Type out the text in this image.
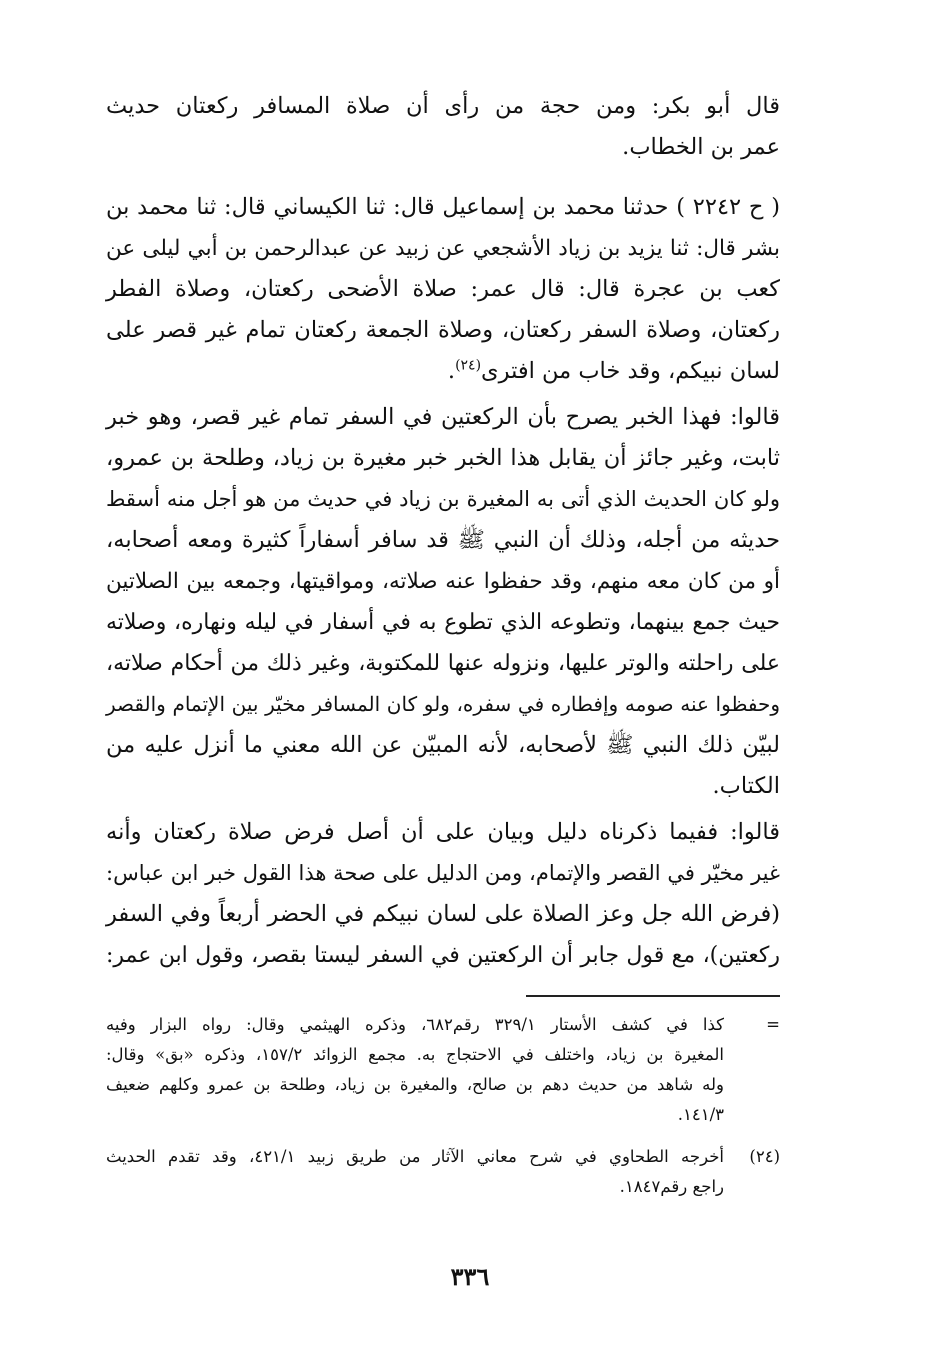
قال أبو بكر: ومن حجة من رأى أن صلاة المسافر ركعتان حديث
عمر بن الخطاب.
( ح ٢٢٤٢ ) حدثنا محمد بن إسماعيل قال: ثنا الكيساني قال: ثنا محمد بن
بشر قال: ثنا يزيد بن زياد الأشجعي عن زبيد عن عبدالرحمن بن أبي ليلى عن
كعب بن عجرة قال: قال عمر: صلاة الأضحى ركعتان، وصلاة الفطر
ركعتان، وصلاة السفر ركعتان، وصلاة الجمعة ركعتان تمام غير قصر على
لسان نبيكم، وقد خاب من افترى$^{(٢٤)}$.
قالوا: فهذا الخبر يصرح بأن الركعتين في السفر تمام غير قصر، وهو خبر
ثابت، وغير جائز أن يقابل هذا الخبر خبر مغيرة بن زياد، وطلحة بن عمرو،
ولو كان الحديث الذي أتى به المغيرة بن زياد في حديث من هو أجل منه أسقط
حديثه من أجله، وذلك أن النبي ﷺ قد سافر أسفاراً كثيرة ومعه أصحابه،
أو من كان معه منهم، وقد حفظوا عنه صلاته، ومواقيتها، وجمعه بين الصلاتين
حيث جمع بينهما، وتطوعه الذي تطوع به في أسفار في ليله ونهاره، وصلاته
على راحلته والوتر عليها، ونزوله عنها للمكتوبة، وغير ذلك من أحكام صلاته،
وحفظوا عنه صومه وإفطاره في سفره، ولو كان المسافر مخيّر بين الإتمام والقصر
لبيّن ذلك النبي ﷺ لأصحابه، لأنه المبيّن عن الله معني ما أنزل عليه من
الكتاب.
قالوا: ففيما ذكرناه دليل وبيان على أن أصل فرض صلاة ركعتان وأنه
غير مخيّر في القصر والإتمام، ومن الدليل على صحة هذا القول خبر ابن عباس:
(فرض الله جل وعز الصلاة على لسان نبيكم في الحضر أربعاً وفي السفر
ركعتين)، مع قول جابر أن الركعتين في السفر ليستا بقصر، وقول ابن عمر:
=
كذا في كشف الأستار ٣٢٩/١ رقم٦٨٢، وذكره الهيثمي وقال: رواه البزار وفيه
المغيرة بن زياد، واختلف في الاحتجاج به. مجمع الزوائد ١٥٧/٢، وذكره «بق» وقال:
وله شاهد من حديث دهم بن صالح، والمغيرة بن زياد، وطلحة بن عمرو وكلهم ضعيف
١٤١/٣.
(٢٤)
أخرجه الطحاوي في شرح معاني الآثار من طريق زبيد ٤٢١/١، وقد تقدم الحديث
راجع رقم١٨٤٧.
٣٣٦
